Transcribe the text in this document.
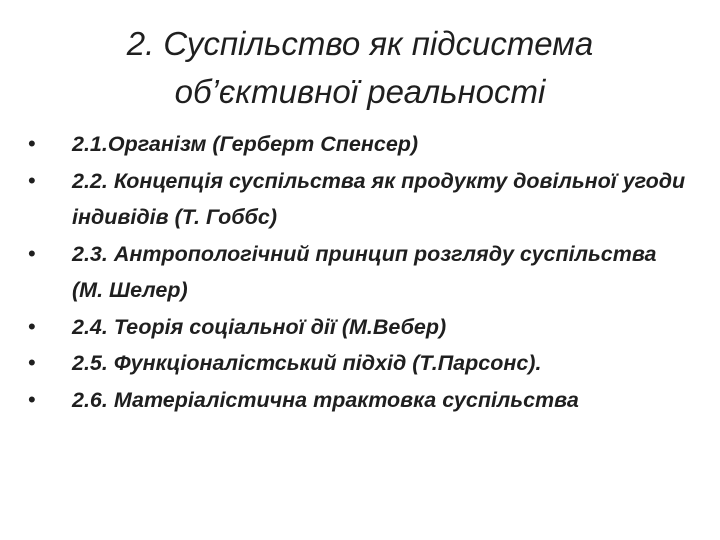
2. Суспільство як підсистема
об’єктивної реальності
•	2.1.Організм (Герберт Спенсер)
•	2.2. Концепція суспільства як продукту довільної угоди індивідів (Т. Гоббс)
•	2.3. Антропологічний принцип розгляду суспільства (М. Шелер)
•	2.4. Теорія соціальної дії (М.Вебер)
•	2.5. Функціоналістський підхід (Т.Парсонс).
•	2.6. Матеріалістична трактовка суспільства
